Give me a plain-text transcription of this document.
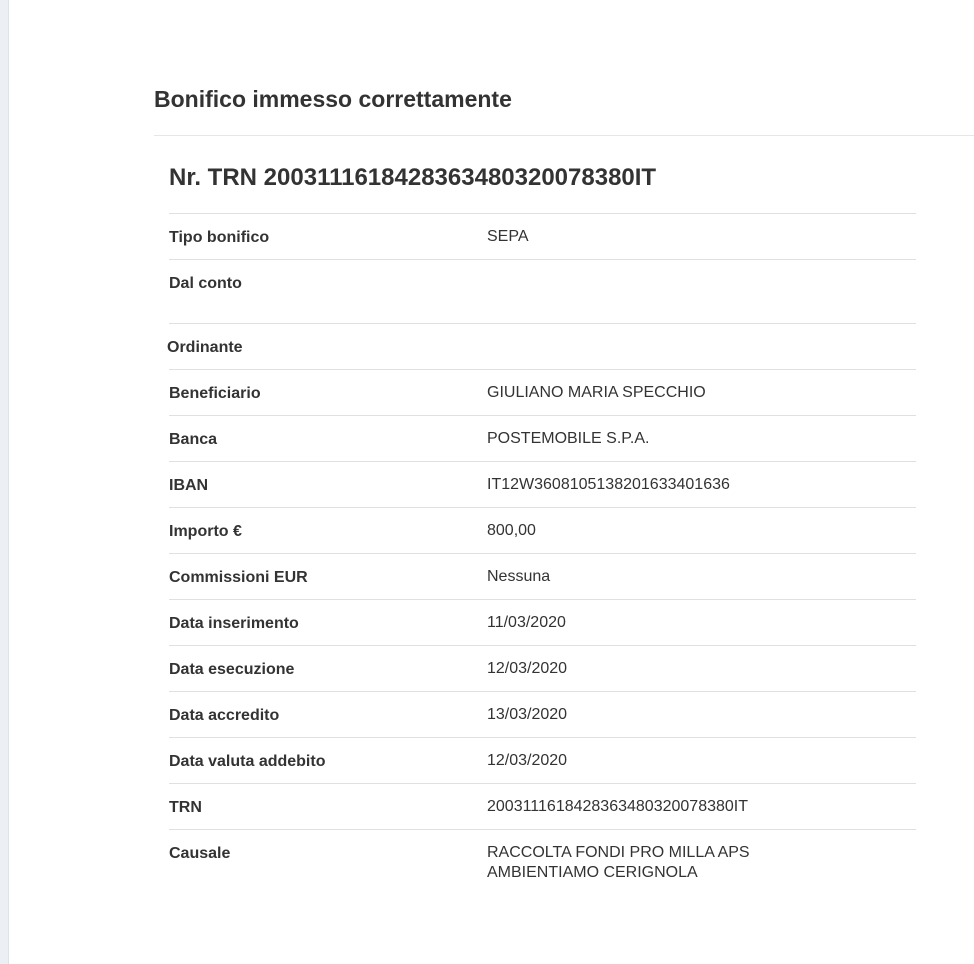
Bonifico immesso correttamente
Nr. TRN 2003111618428363480320078380IT
Tipo bonifico	SEPA
Dal conto
Ordinante
Beneficiario	GIULIANO MARIA SPECCHIO
Banca	POSTEMOBILE S.P.A.
IBAN	IT12W3608105138201633401636
Importo €	800,00
Commissioni EUR	Nessuna
Data inserimento	11/03/2020
Data esecuzione	12/03/2020
Data accredito	13/03/2020
Data valuta addebito	12/03/2020
TRN	2003111618428363480320078380IT
Causale	RACCOLTA FONDI PRO MILLA APS
AMBIENTIAMO CERIGNOLA
